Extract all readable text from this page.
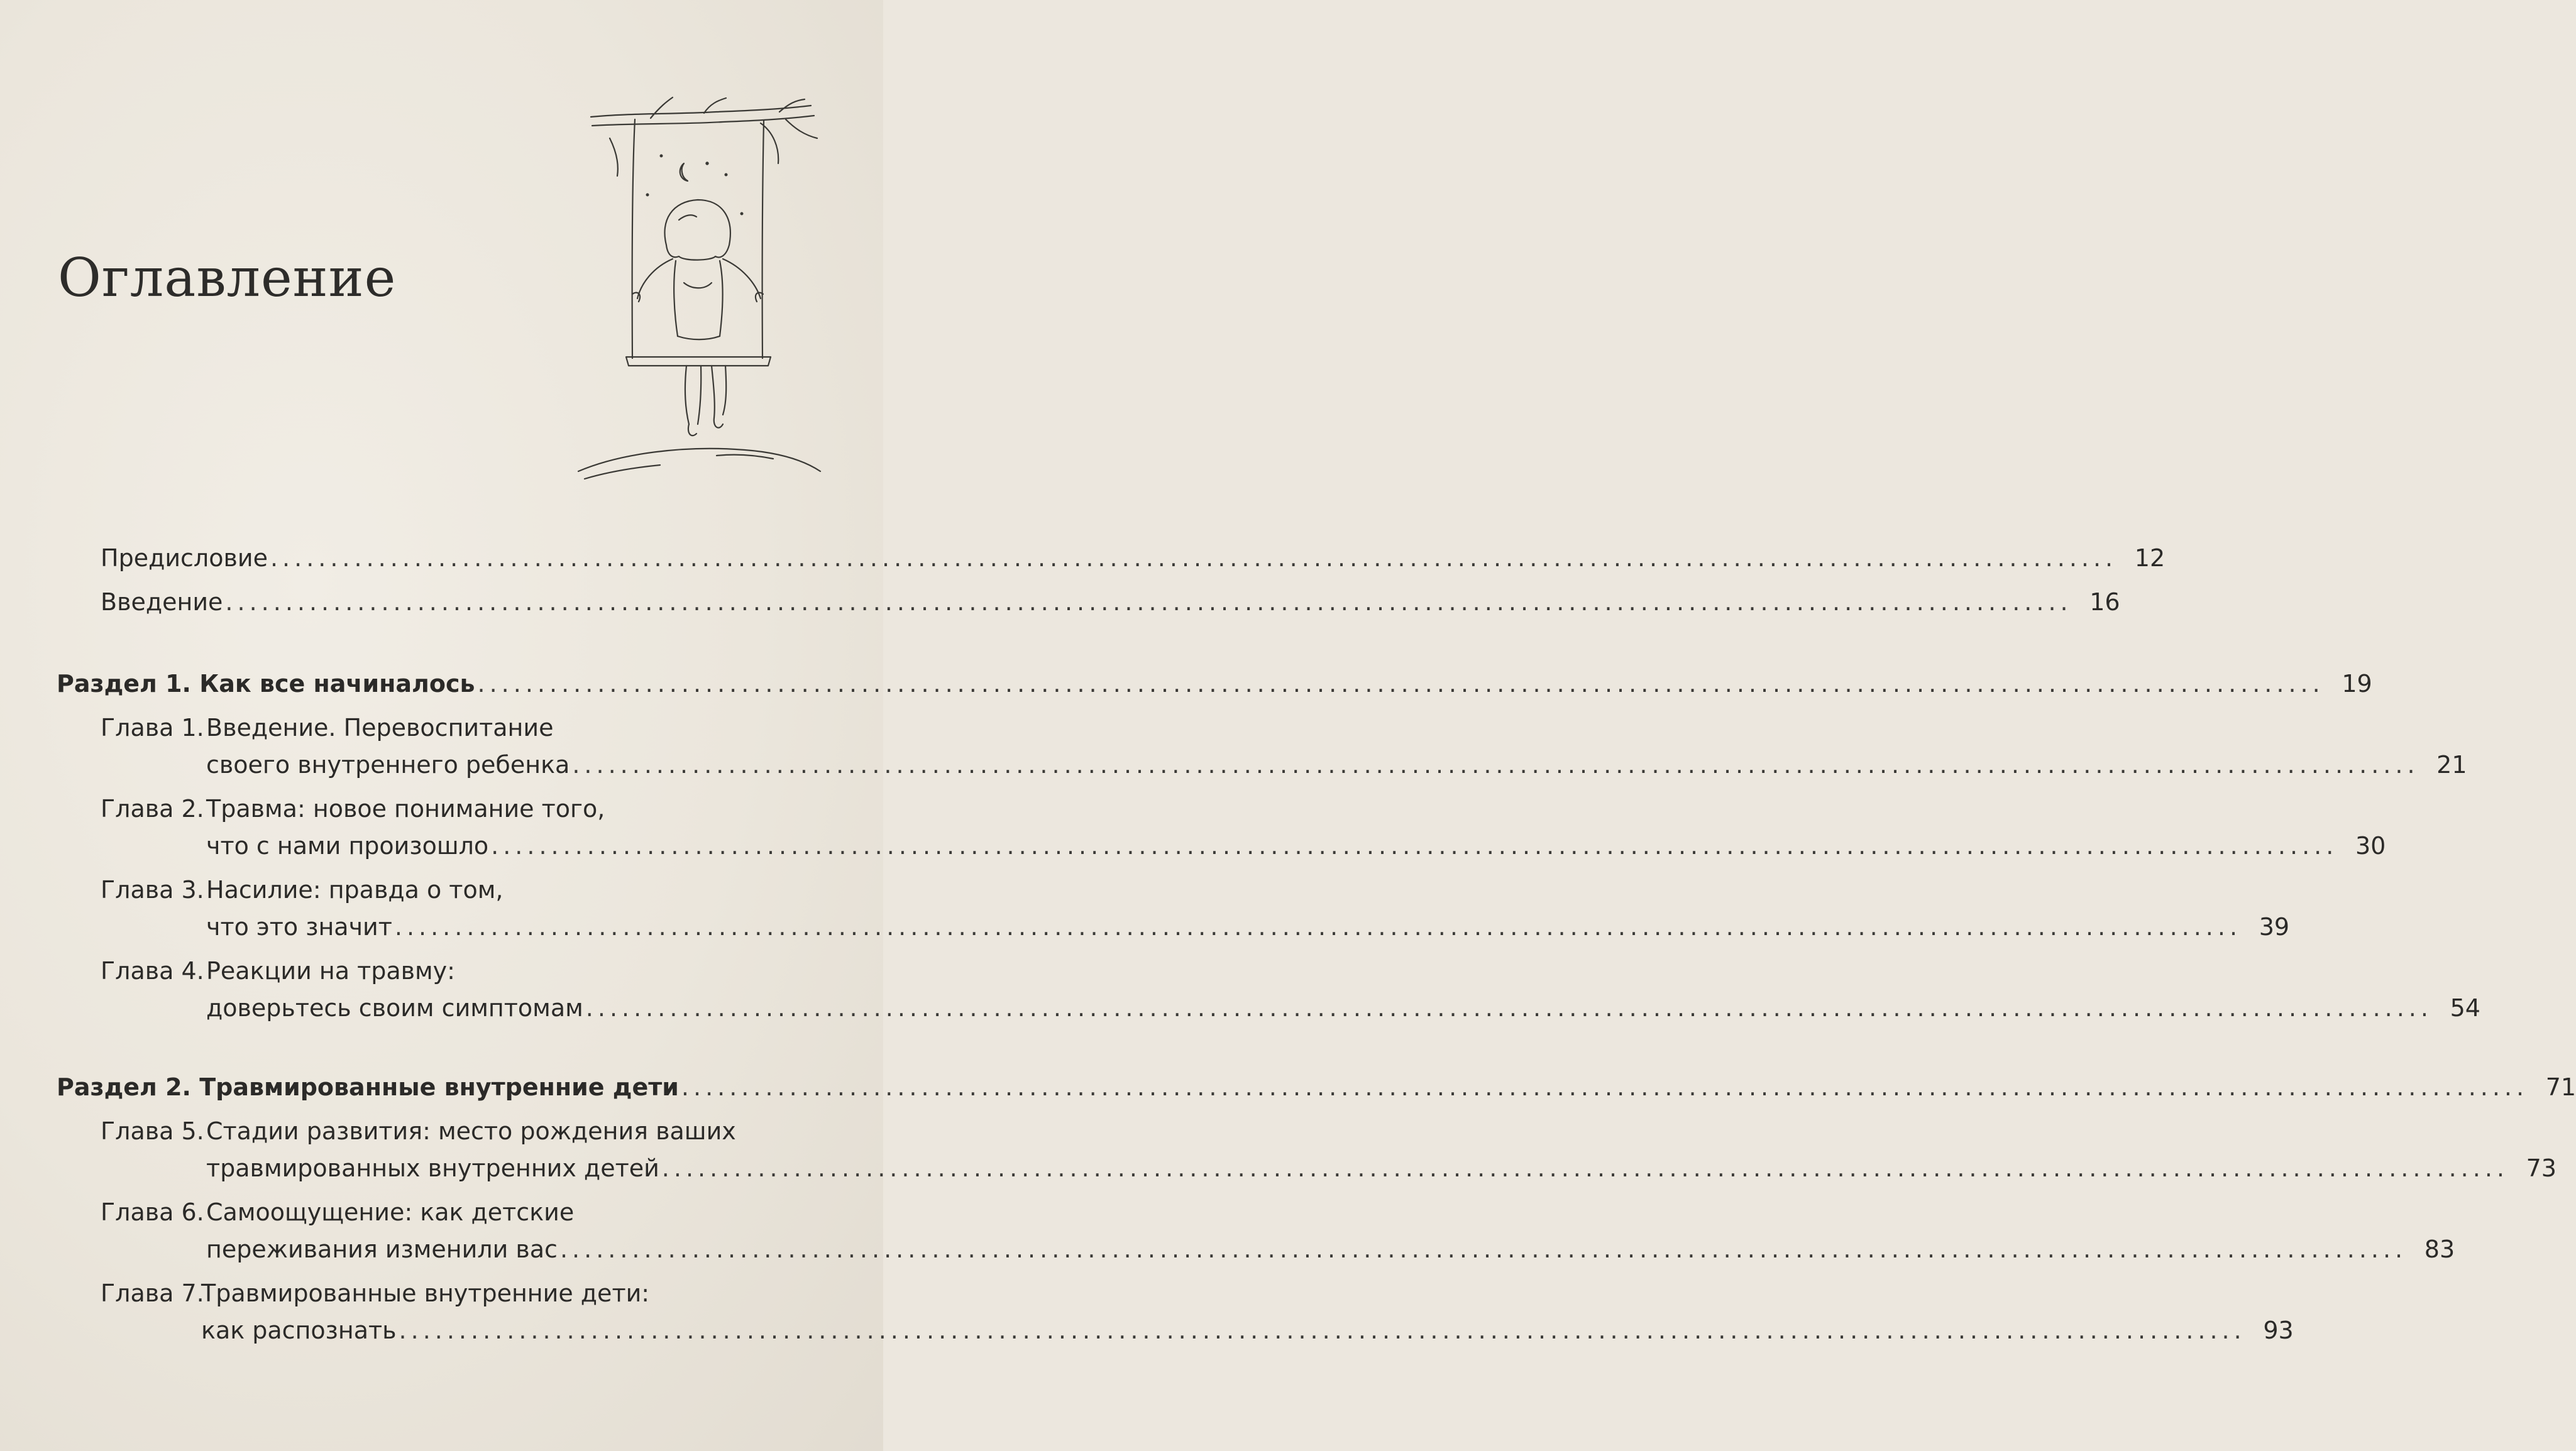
Оглавление
Предисловие .......................................................................................................................................................... 12
Введение .......................................................................................................................................................... 16
Раздел 1. Как все начиналось .......................................................................................................................................................... 19
Глава 1. Введение. Перевоспитание
своего внутреннего ребенка .......................................................................................................................................................... 21
Глава 2. Травма: новое понимание того,
что с нами произошло .......................................................................................................................................................... 30
Глава 3. Насилие: правда о том,
что это значит .......................................................................................................................................................... 39
Глава 4. Реакции на травму:
доверьтесь своим симптомам .......................................................................................................................................................... 54
Раздел 2. Травмированные внутренние дети .......................................................................................................................................................... 71
Глава 5. Стадии развития: место рождения ваших
травмированных внутренних детей .......................................................................................................................................................... 73
Глава 6. Самоощущение: как детские
переживания изменили вас .......................................................................................................................................................... 83
Глава 7.
Травмированные внутренние дети:
как распознать .......................................................................................................................................................... 93
